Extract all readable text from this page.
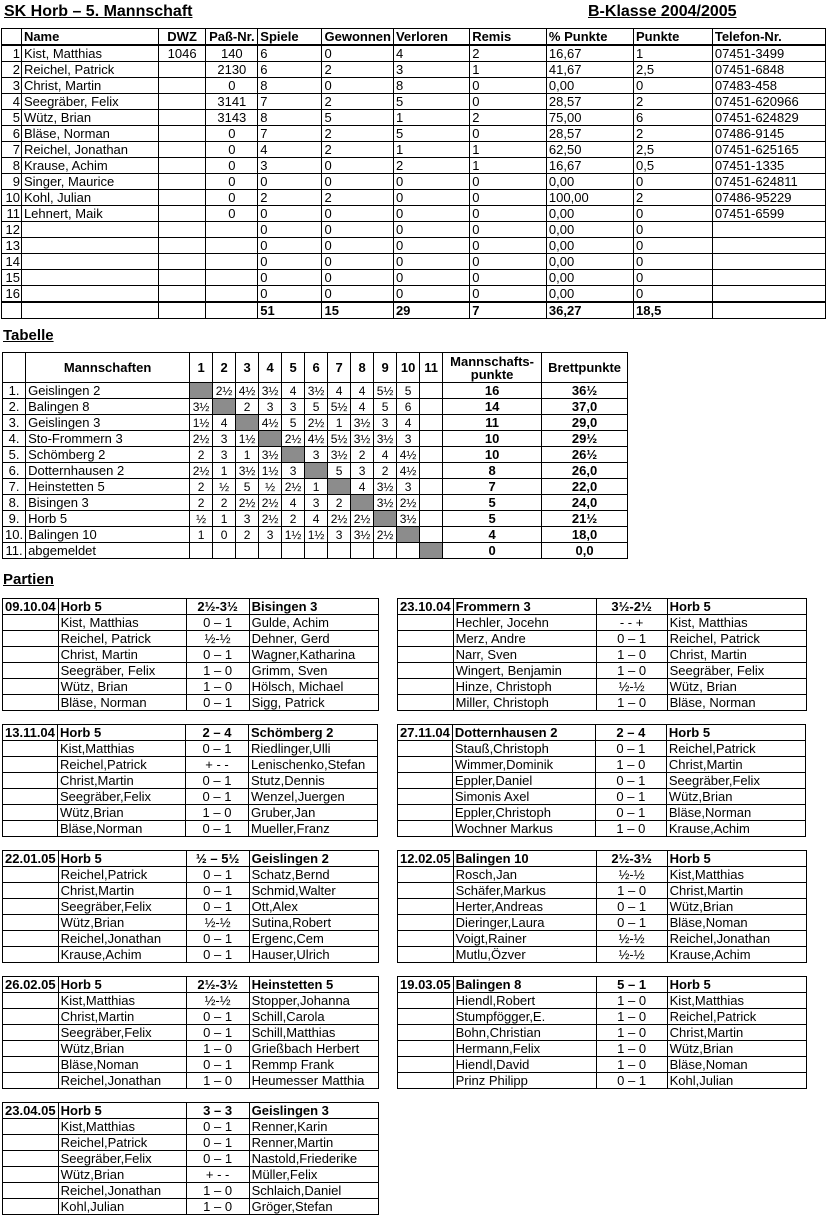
SK Horb – 5. Mannschaft	B-Klasse 2004/2005
	Name	DWZ	Paß-Nr.	Spiele	Gewonnen	Verloren	Remis	% Punkte	Punkte	Telefon-Nr.
1	Kist, Matthias	1046	140	6	0	4	2	16,67	1	07451-3499
2	Reichel, Patrick		2130	6	2	3	1	41,67	2,5	07451-6848
3	Christ, Martin		0	8	0	8	0	0,00	0	07483-458
4	Seegräber, Felix		3141	7	2	5	0	28,57	2	07451-620966
5	Wütz, Brian		3143	8	5	1	2	75,00	6	07451-624829
6	Bläse, Norman		0	7	2	5	0	28,57	2	07486-9145
7	Reichel, Jonathan		0	4	2	1	1	62,50	2,5	07451-625165
8	Krause, Achim		0	3	0	2	1	16,67	0,5	07451-1335
9	Singer, Maurice		0	0	0	0	0	0,00	0	07451-624811
10	Kohl, Julian		0	2	2	0	0	100,00	2	07486-95229
11	Lehnert, Maik		0	0	0	0	0	0,00	0	07451-6599
12				0	0	0	0	0,00	0	
13				0	0	0	0	0,00	0	
14				0	0	0	0	0,00	0	
15				0	0	0	0	0,00	0	
16				0	0	0	0	0,00	0	
				51	15	29	7	36,27	18,5	
Tabelle
	Mannschaften	1	2	3	4	5	6	7	8	9	10	11	Mannschafts-punkte	Brettpunkte
1.	Geislingen 2		2½	4½	3½	4	3½	4	4	5½	5		16	36½
2.	Balingen 8	3½		2	3	3	5	5½	4	5	6		14	37,0
3.	Geislingen 3	1½	4		4½	5	2½	1	3½	3	4		11	29,0
4.	Sto-Frommern 3	2½	3	1½		2½	4½	5½	3½	3½	3		10	29½
5.	Schömberg 2	2	3	1	3½		3	3½	2	4	4½		10	26½
6.	Dotternhausen 2	2½	1	3½	1½	3		5	3	2	4½		8	26,0
7.	Heinstetten 5	2	½	5	½	2½	1		4	3½	3		7	22,0
8.	Bisingen 3	2	2	2½	2½	4	3	2		3½	2½		5	24,0
9.	Horb 5	½	1	3	2½	2	4	2½	2½		3½		5	21½
10.	Balingen 10	1	0	2	3	1½	1½	3	3½	2½			4	18,0
11.	abgemeldet												0	0,0
Partien
09.10.04	Horb 5	2½-3½	Bisingen 3
	Kist, Matthias	0 – 1	Gulde, Achim
	Reichel, Patrick	½-½	Dehner, Gerd
	Christ, Martin	0 – 1	Wagner,Katharina
	Seegräber, Felix	1 – 0	Grimm, Sven
	Wütz, Brian	1 – 0	Hölsch, Michael
	Bläse, Norman	0 – 1	Sigg, Patrick
13.11.04	Horb 5	2 – 4	Schömberg 2
	Kist,Matthias	0 – 1	Riedlinger,Ulli
	Reichel,Patrick	+ - -	Lenischenko,Stefan
	Christ,Martin	0 – 1	Stutz,Dennis
	Seegräber,Felix	0 – 1	Wenzel,Juergen
	Wütz,Brian	1 – 0	Gruber,Jan
	Bläse,Norman	0 – 1	Mueller,Franz
22.01.05	Horb 5	½ – 5½	Geislingen 2
	Reichel,Patrick	0 – 1	Schatz,Bernd
	Christ,Martin	0 – 1	Schmid,Walter
	Seegräber,Felix	0 – 1	Ott,Alex
	Wütz,Brian	½-½	Sutina,Robert
	Reichel,Jonathan	0 – 1	Ergenc,Cem
	Krause,Achim	0 – 1	Hauser,Ulrich
26.02.05	Horb 5	2½-3½	Heinstetten 5
	Kist,Matthias	½-½	Stopper,Johanna
	Christ,Martin	0 – 1	Schill,Carola
	Seegräber,Felix	0 – 1	Schill,Matthias
	Wütz,Brian	1 – 0	Grießbach Herbert
	Bläse,Noman	0 – 1	Remmp Frank
	Reichel,Jonathan	1 – 0	Heumesser Matthia
23.04.05	Horb 5	3 – 3	Geislingen 3
	Kist,Matthias	0 – 1	Renner,Karin
	Reichel,Patrick	0 – 1	Renner,Martin
	Seegräber,Felix	0 – 1	Nastold,Friederike
	Wütz,Brian	+ - -	Müller,Felix
	Reichel,Jonathan	1 – 0	Schlaich,Daniel
	Kohl,Julian	1 – 0	Gröger,Stefan
23.10.04	Frommern 3	3½-2½	Horb 5
	Hechler, Jocehn	- - +	Kist, Matthias
	Merz, Andre	0 – 1	Reichel, Patrick
	Narr, Sven	1 – 0	Christ, Martin
	Wingert, Benjamin	1 – 0	Seegräber, Felix
	Hinze, Christoph	½-½	Wütz, Brian
	Miller, Christoph	1 – 0	Bläse, Norman
27.11.04	Dotternhausen 2	2 – 4	Horb 5
	Stauß,Christoph	0 – 1	Reichel,Patrick
	Wimmer,Dominik	1 – 0	Christ,Martin
	Eppler,Daniel	0 – 1	Seegräber,Felix
	Simonis Axel	0 – 1	Wütz,Brian
	Eppler,Christoph	0 – 1	Bläse,Norman
	Wochner Markus	1 – 0	Krause,Achim
12.02.05	Balingen 10	2½-3½	Horb 5
	Rosch,Jan	½-½	Kist,Matthias
	Schäfer,Markus	1 – 0	Christ,Martin
	Herter,Andreas	0 – 1	Wütz,Brian
	Dieringer,Laura	0 – 1	Bläse,Noman
	Voigt,Rainer	½-½	Reichel,Jonathan
	Mutlu,Özver	½-½	Krause,Achim
19.03.05	Balingen 8	5 – 1	Horb 5
	Hiendl,Robert	1 – 0	Kist,Matthias
	Stumpfögger,E.	1 – 0	Reichel,Patrick
	Bohn,Christian	1 – 0	Christ,Martin
	Hermann,Felix	1 – 0	Wütz,Brian
	Hiendl,David	1 – 0	Bläse,Noman
	Prinz Philipp	0 – 1	Kohl,Julian
